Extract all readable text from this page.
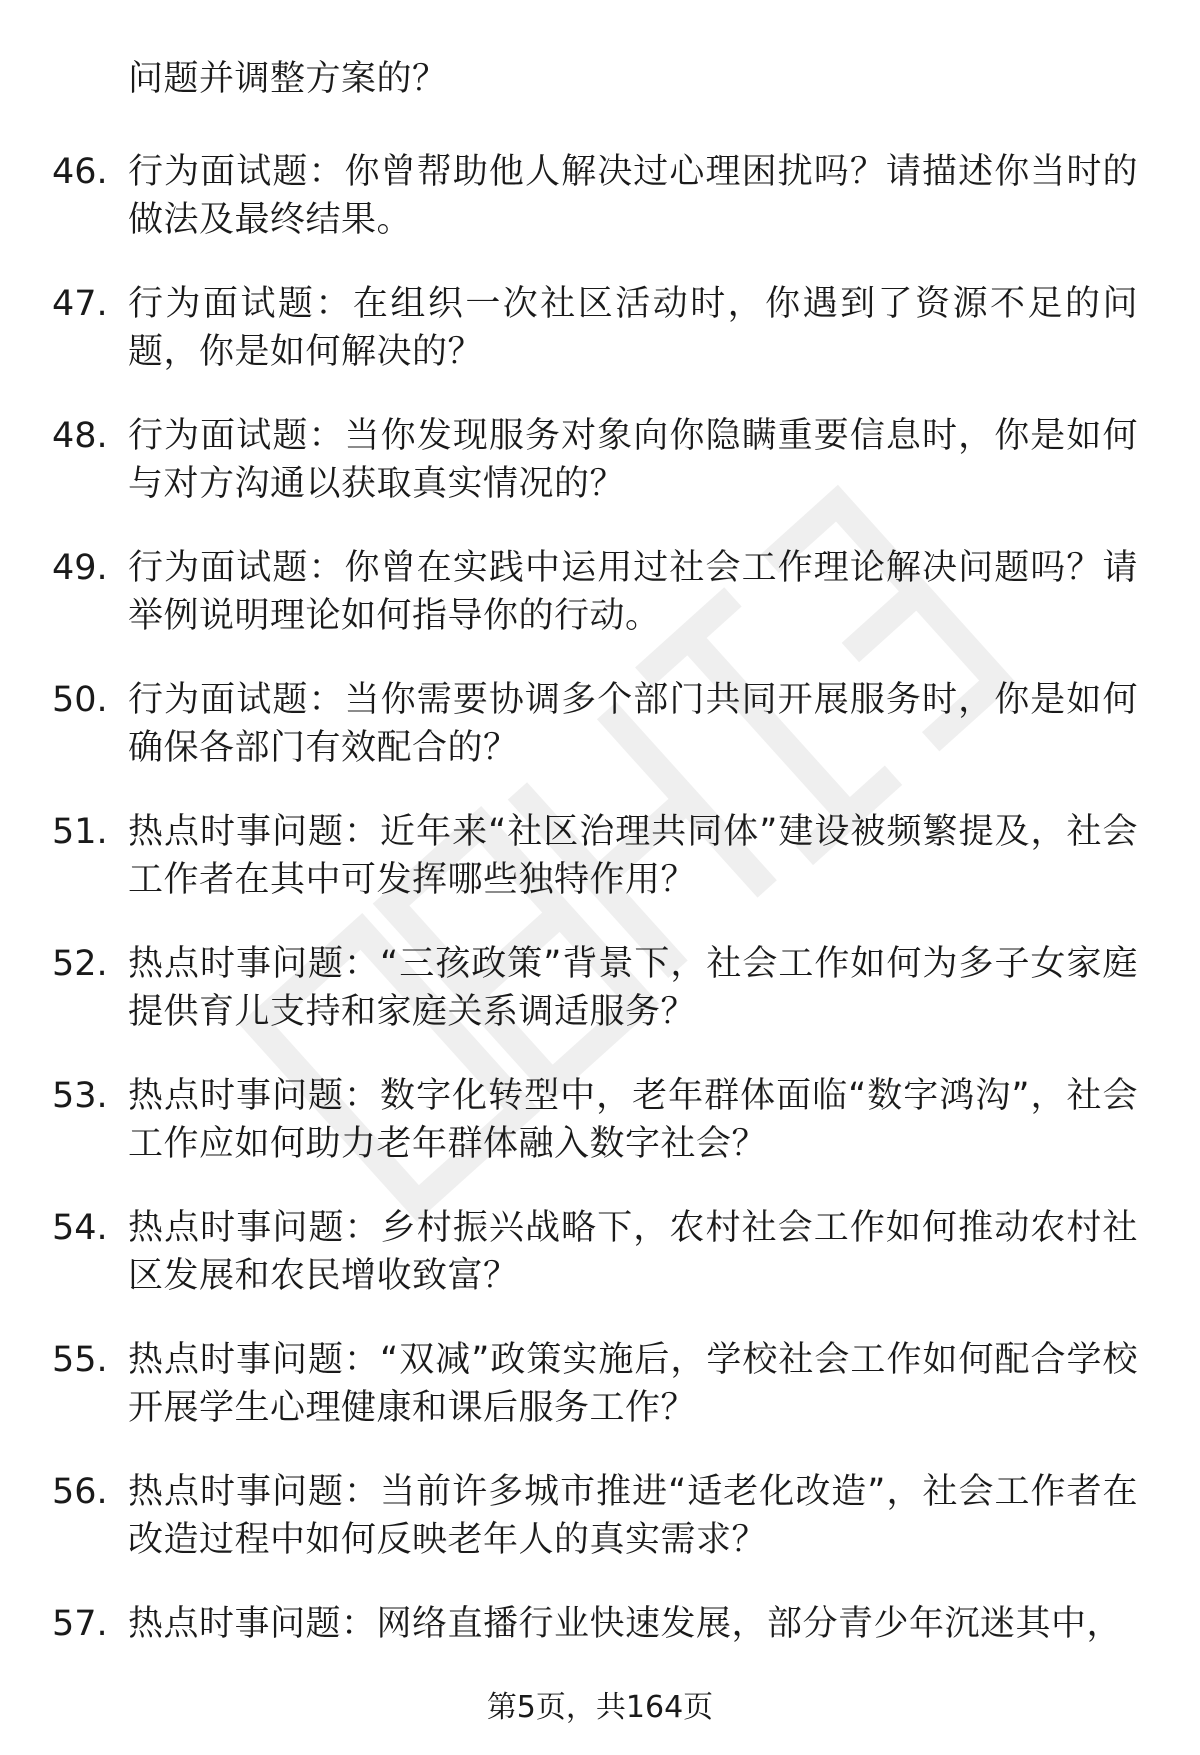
问题并调整方案的？
46. 行为面试题：你曾帮助他人解决过心理困扰吗？请描述你当时的做法及最终结果。
47. 行为面试题：在组织一次社区活动时，你遇到了资源不足的问题，你是如何解决的？
48. 行为面试题：当你发现服务对象向你隐瞒重要信息时，你是如何与对方沟通以获取真实情况的？
49. 行为面试题：你曾在实践中运用过社会工作理论解决问题吗？请举例说明理论如何指导你的行动。
50. 行为面试题：当你需要协调多个部门共同开展服务时，你是如何确保各部门有效配合的？
51. 热点时事问题：近年来“社区治理共同体”建设被频繁提及，社会工作者在其中可发挥哪些独特作用？
52. 热点时事问题：“三孩政策”背景下，社会工作如何为多子女家庭提供育儿支持和家庭关系调适服务？
53. 热点时事问题：数字化转型中，老年群体面临“数字鸿沟”，社会工作应如何助力老年群体融入数字社会？
54. 热点时事问题：乡村振兴战略下，农村社会工作如何推动农村社区发展和农民增收致富？
55. 热点时事问题：“双减”政策实施后，学校社会工作如何配合学校开展学生心理健康和课后服务工作？
56. 热点时事问题：当前许多城市推进“适老化改造”，社会工作者在改造过程中如何反映老年人的真实需求？
57. 热点时事问题：网络直播行业快速发展，部分青少年沉迷其中，
第5页，共164页
